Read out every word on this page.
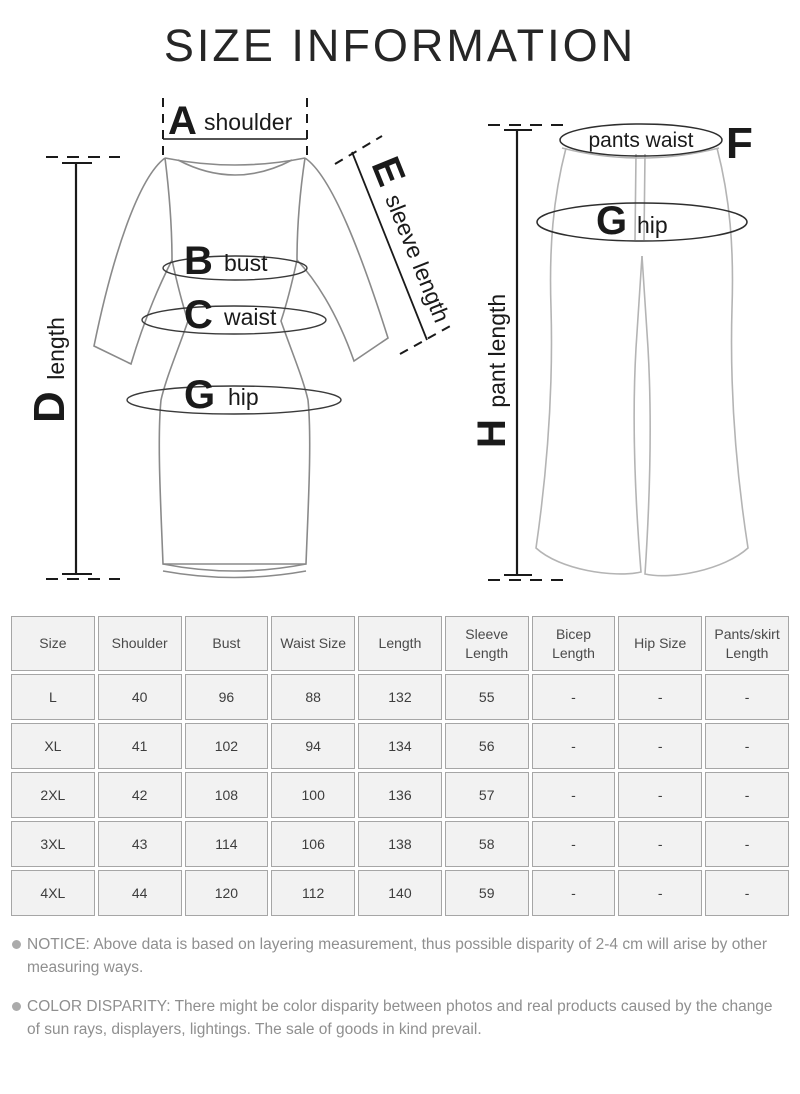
SIZE INFORMATION
A shoulder
B bust
C waist
G hip
D length
E sleeve length
pants waist F
G hip
H pant length
Size	Shoulder	Bust	Waist Size	Length	Sleeve Length	Bicep Length	Hip Size	Pants/skirt Length
L	40	96	88	132	55	-	-	-
XL	41	102	94	134	56	-	-	-
2XL	42	108	100	136	57	-	-	-
3XL	43	114	106	138	58	-	-	-
4XL	44	120	112	140	59	-	-	-
NOTICE: Above data is based on layering measurement, thus possible disparity of 2-4 cm will arise by other measuring ways.
COLOR DISPARITY: There might be color disparity between photos and real products caused by the change of sun rays, displayers, lightings. The sale of goods in kind prevail.
